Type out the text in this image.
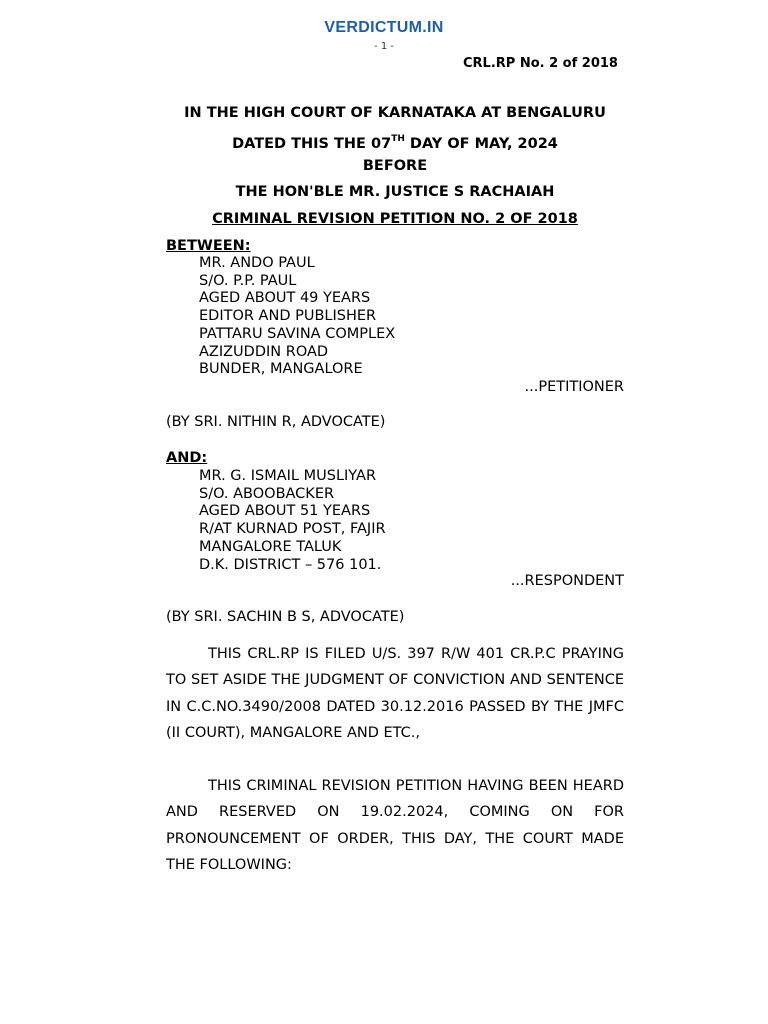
VERDICTUM.IN
- 1 -
CRL.RP No. 2 of 2018
IN THE HIGH COURT OF KARNATAKA AT BENGALURU
DATED THIS THE 07TH DAY OF MAY, 2024
BEFORE
THE HON'BLE MR. JUSTICE S RACHAIAH
CRIMINAL REVISION PETITION NO. 2 OF 2018
BETWEEN:
MR. ANDO PAUL
S/O. P.P. PAUL
AGED ABOUT 49 YEARS
EDITOR AND PUBLISHER
PATTARU SAVINA COMPLEX
AZIZUDDIN ROAD
BUNDER, MANGALORE
...PETITIONER
(BY SRI. NITHIN R, ADVOCATE)
AND:
MR. G. ISMAIL MUSLIYAR
S/O. ABOOBACKER
AGED ABOUT 51 YEARS
R/AT KURNAD POST, FAJIR
MANGALORE TALUK
D.K. DISTRICT – 576 101.
...RESPONDENT
(BY SRI. SACHIN B S, ADVOCATE)
THIS CRL.RP IS FILED U/S. 397 R/W 401 CR.P.C PRAYING TO SET ASIDE THE JUDGMENT OF CONVICTION AND SENTENCE IN C.C.NO.3490/2008 DATED 30.12.2016 PASSED BY THE JMFC (II COURT), MANGALORE AND ETC.,
THIS CRIMINAL REVISION PETITION HAVING BEEN HEARD AND RESERVED ON 19.02.2024, COMING ON FOR PRONOUNCEMENT OF ORDER, THIS DAY, THE COURT MADE THE FOLLOWING:
